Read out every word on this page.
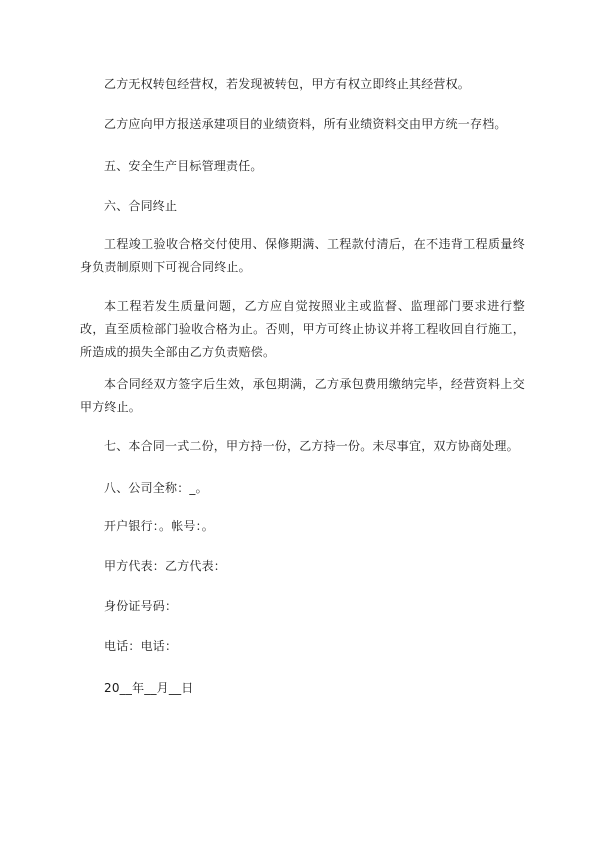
乙方无权转包经营权，若发现被转包，甲方有权立即终止其经营权。

乙方应向甲方报送承建项目的业绩资料，所有业绩资料交由甲方统一存档。

五、安全生产目标管理责任。

六、合同终止

工程竣工验收合格交付使用、保修期满、工程款付清后，在不违背工程质量终身负责制原则下可视合同终止。

本工程若发生质量问题，乙方应自觉按照业主或监督、监理部门要求进行整改，直至质检部门验收合格为止。否则，甲方可终止协议并将工程收回自行施工，所造成的损失全部由乙方负责赔偿。

本合同经双方签字后生效，承包期满，乙方承包费用缴纳完毕，经营资料上交甲方终止。

七、本合同一式二份，甲方持一份，乙方持一份。未尽事宜，双方协商处理。

八、公司全称：_。

开户银行：。帐号：。

甲方代表：乙方代表：

身份证号码：

电话：电话：

20__年__月__日
